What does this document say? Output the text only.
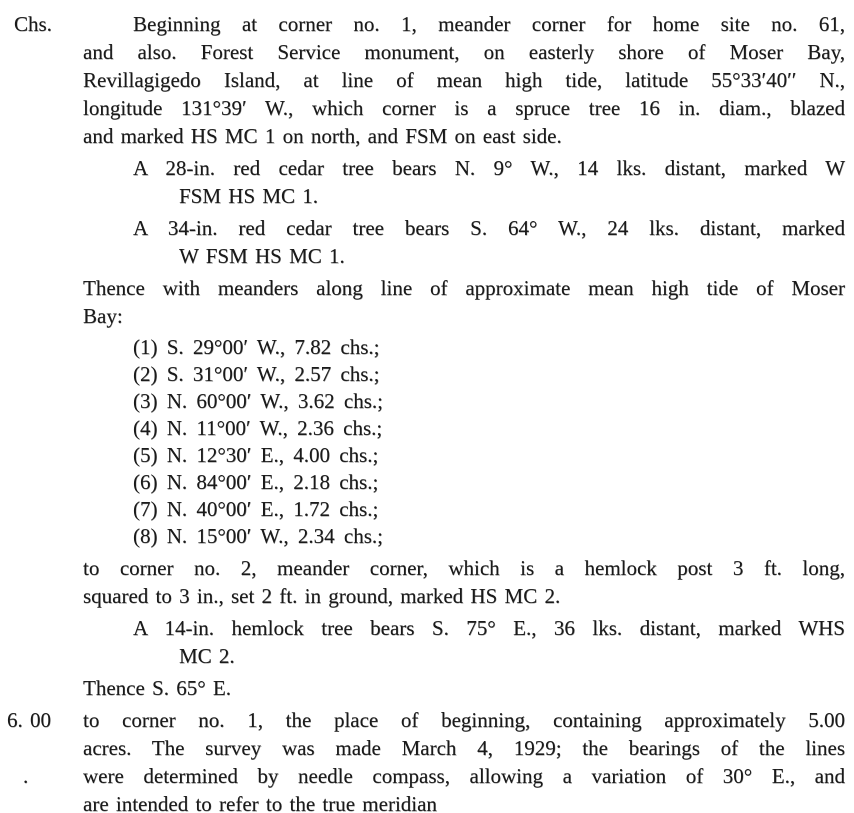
Chs.	Beginning at corner no. 1, meander corner for home site no. 61,
and also. Forest Service monument, on easterly shore of Moser Bay,
Revillagigedo Island, at line of mean high tide, latitude 55°33′40′′ N.,
longitude 131°39′ W., which corner is a spruce tree 16 in. diam., blazed
and marked HS MC 1 on north, and FSM on east side.
A 28-in. red cedar tree bears N. 9° W., 14 lks. distant, marked W
FSM HS MC 1.
A 34-in. red cedar tree bears S. 64° W., 24 lks. distant, marked
W FSM HS MC 1.
Thence with meanders along line of approximate mean high tide of Moser
Bay:
(1) S. 29°00′ W., 7.82 chs.;
(2) S. 31°00′ W., 2.57 chs.;
(3) N. 60°00′ W., 3.62 chs.;
(4) N. 11°00′ W., 2.36 chs.;
(5) N. 12°30′ E., 4.00 chs.;
(6) N. 84°00′ E., 2.18 chs.;
(7) N. 40°00′ E., 1.72 chs.;
(8) N. 15°00′ W., 2.34 chs.;
to corner no. 2, meander corner, which is a hemlock post 3 ft. long,
squared to 3 in., set 2 ft. in ground, marked HS MC 2.
A 14-in. hemlock tree bears S. 75° E., 36 lks. distant, marked WHS
MC 2.
Thence S. 65° E.
6. 00
.
to corner no. 1, the place of beginning, containing approximately 5.00
acres. The survey was made March 4, 1929; the bearings of the lines
were determined by needle compass, allowing a variation of 30° E., and
are intended to refer to the true meridian
